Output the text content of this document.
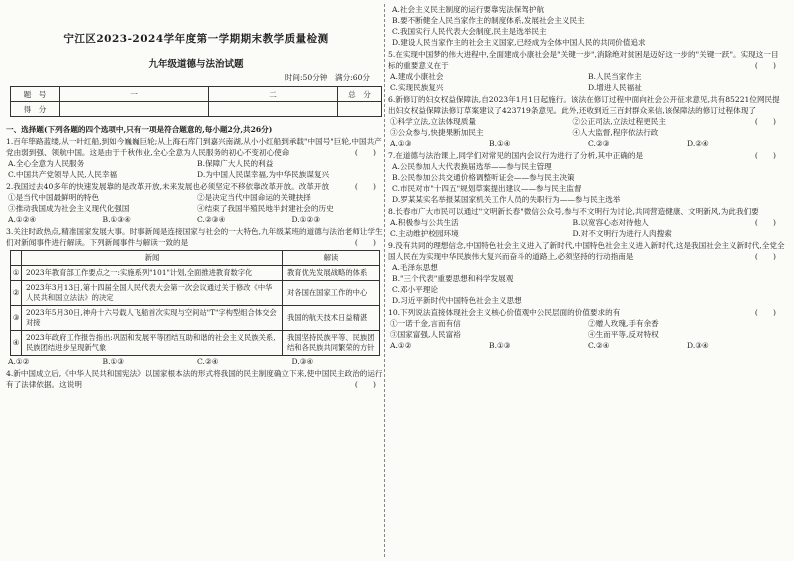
宁江区2023-2024学年度第一学期期末教学质量检测
九年级道德与法治试题
时间:50分钟　满分:60分
题　号	一	二	总　分
得　分			
一、选择题(下列各题的四个选项中,只有一项是符合题意的,每小题2分,共26分)
1.百年筚路蓝缕,从一叶红船,到如今巍巍巨轮;从上海石库门到嘉兴南湖,从小小红船到承载"中国号"巨轮,中国共产党由弱到强、领航中国。这是由于千秋伟业,全心全意为人民服务的初心不变初心使命	(　　)
A.全心全意为人民服务	B.保障广大人民的利益
C.中国共产党领导人民,人民幸福	D.为中国人民谋幸福,为中华民族谋复兴
2.我国过去40多年的快速发展靠的是改革开放,未来发展也必须坚定不移依靠改革开放。改革开放	(　　)
①是当代中国最鲜明的特色	②是决定当代中国命运的关键抉择
③推动我国成为社会主义现代化强国	④结束了我国半殖民地半封建社会的历史
A.①②④	B.①③④	C.②③④	D.①②③
3.关注时政热点,精准国家发展大事。时事新闻是连接国家与社会的一大特色,九年级某班的道德与法治老师让学生们对新闻事件进行解读。下列新闻事件与解读一致的是	(　　)
	新闻	解读
①	2023年教育部工作要点之一:实施系列"101"计划,全面推进教育数字化	教育优先发展战略的体系
②	2023年3月13日,第十四届全国人民代表大会第一次会议通过关于修改《中华人民共和国立法法》的决定	对各国在国家工作的中心
③	2023年5月30日,神舟十六号载人飞船首次实现与空间站"T"字构型组合体交会对接	我国的航天技术日益精湛
④	2023年政府工作报告指出:巩固和发展平等团结互助和谐的社会主义民族关系,民族团结进步呈现新气象	我国坚持民族平等、民族团结和各民族共同繁荣的方针
A.①②	B.①③	C.②④	D.③④
4.新中国成立后,《中华人民共和国宪法》以国家根本法的形式将我国的民主制度确立下来,使中国民主政治的运行有了法律依据。这说明	(　　)
A.社会主义民主制度的运行要靠宪法保驾护航
B.要不断健全人民当家作主的制度体系,发展社会主义民主
C.我国实行人民代表大会制度,民主是选举民主
D.建设人民当家作主的社会主义国家,已经成为全体中国人民的共同价值追求
5.在实现中国梦的伟大进程中,全面建成小康社会是"关键一步",消除绝对贫困是迈好这一步的"关键一跃"。实现这一目标的重要意义在于	(　　)
A.建成小康社会	B.人民当家作主
C.实现民族复兴	D.增进人民福祉
6.新修订的妇女权益保障法,自2023年1月1日起施行。该法在修订过程中面向社会公开征求意见,共有85221位网民提出妇女权益保障法修订草案建议了423719条意见。此外,还收到近三百封群众来信,该保障法的修订过程体现了
(　　)
①科学立法,立法体现质量	②公正司法,立法过程更民主
③公众参与,快捷果断加民主	④人大监督,程序依法行政
A.①③	B.①④	C.②③	D.②④
7.在道德与法治课上,同学们对常见的国内会议行为进行了分析,其中正确的是	(　　)
A.公民参加人大代表换届选举——参与民主管理
B.公民参加公共交通价格调整听证会——参与民主决策
C.市民对市"十四五"规划草案提出建议——参与民主监督
D.罗某某实名举报某国家机关工作人员的失职行为——参与民主选举
8.长春市广大市民可以通过"文明新长春"微信公众号,参与不文明行为讨论,共同营造健康、文明新风,为此我们要
(　　)
A.积极参与公共生活	B.以宽容心态对待他人
C.主动维护校园环境	D.对不文明行为进行人肉搜索
9.没有共同的理想信念,中国特色社会主义进入了新时代,中国特色社会主义进入新时代,这是我国社会主义新时代,全党全国人民在为实现中华民族伟大复兴而奋斗的道路上,必须坚持的行动指南是	(　　)
A.毛泽东思想
B."三个代表"重要思想和科学发展观
C.邓小平理论
D.习近平新时代中国特色社会主义思想
10.下列说法直接体现社会主义核心价值观中公民层面的价值要求的有	(　　)
①一诺千金,言而有信	②赠人玫瑰,手有余香
③国家富强,人民富裕	④生而平等,反对特权
A.①②	B.①③	C.②④	D.③④
